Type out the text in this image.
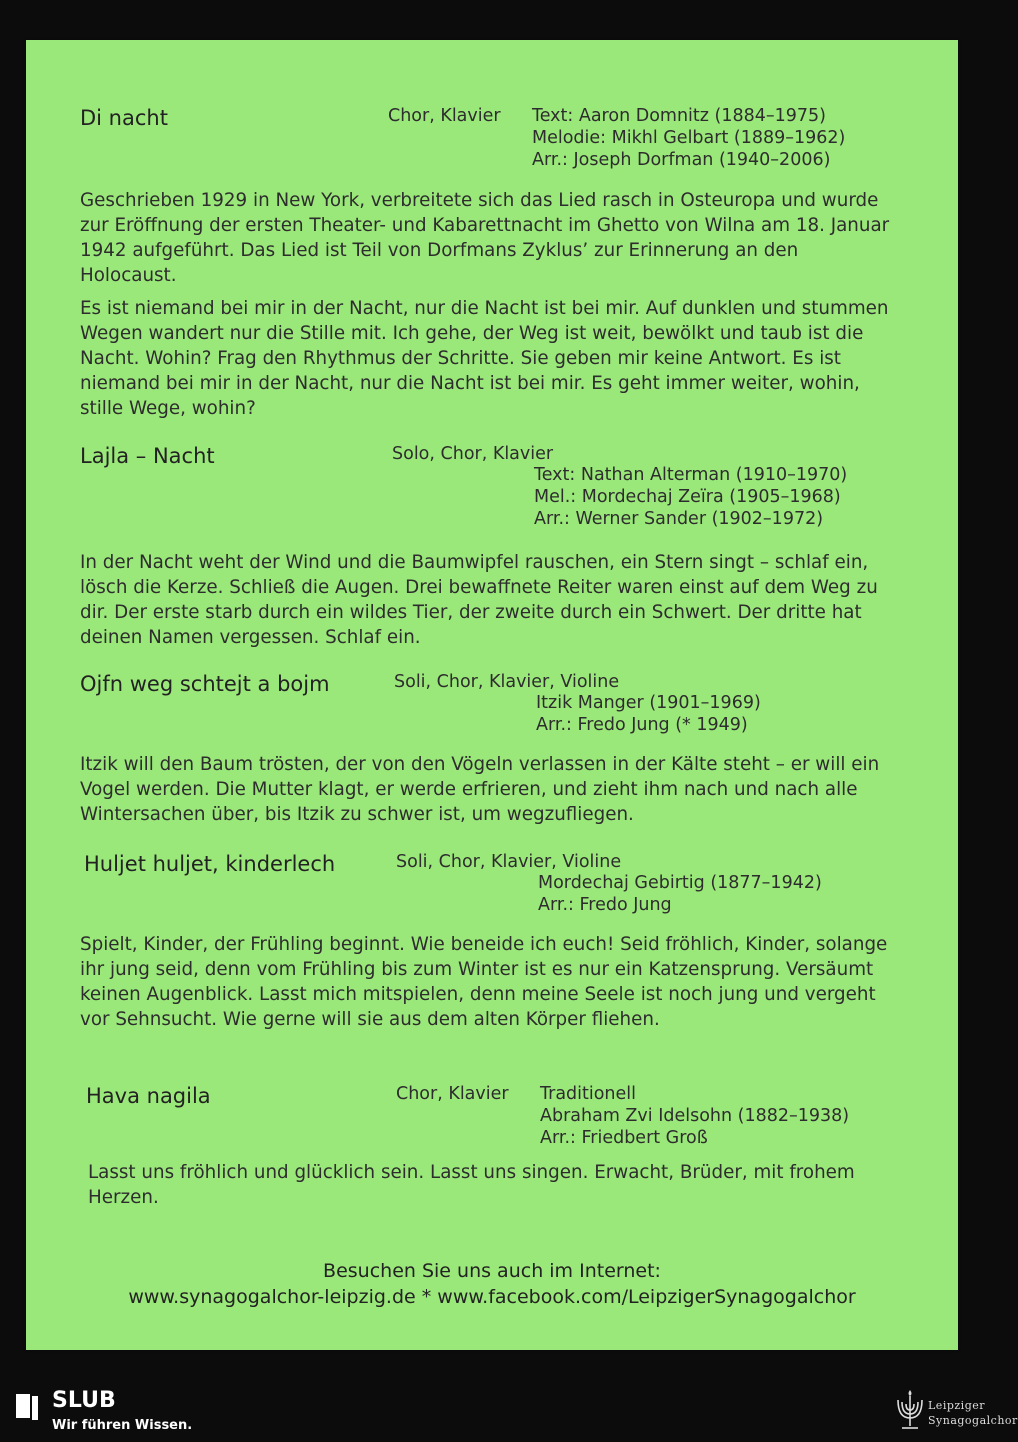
Di nacht	Chor, Klavier Text: Aaron Domnitz (1884–1975)
Melodie: Mikhl Gelbart (1889–1962)
Arr.: Joseph Dorfman (1940–2006)

Geschrieben 1929 in New York, verbreitete sich das Lied rasch in Osteuropa und wurde zur Eröffnung der ersten Theater- und Kabarettnacht im Ghetto von Wilna am 18. Januar 1942 aufgeführt. Das Lied ist Teil von Dorfmans Zyklus’ zur Erinnerung an den Holocaust.

Es ist niemand bei mir in der Nacht, nur die Nacht ist bei mir. Auf dunklen und stummen Wegen wandert nur die Stille mit. Ich gehe, der Weg ist weit, bewölkt und taub ist die Nacht. Wohin? Frag den Rhythmus der Schritte. Sie geben mir keine Antwort. Es ist niemand bei mir in der Nacht, nur die Nacht ist bei mir. Es geht immer weiter, wohin, stille Wege, wohin?

Lajla – Nacht	Solo, Chor, Klavier
Text: Nathan Alterman (1910–1970)
Mel.: Mordechaj Zeïra (1905–1968)
Arr.: Werner Sander (1902–1972)

In der Nacht weht der Wind und die Baumwipfel rauschen, ein Stern singt – schlaf ein, lösch die Kerze. Schließ die Augen. Drei bewaffnete Reiter waren einst auf dem Weg zu dir. Der erste starb durch ein wildes Tier, der zweite durch ein Schwert. Der dritte hat deinen Namen vergessen. Schlaf ein.

Ojfn weg schtejt a bojm	Soli, Chor, Klavier, Violine
Itzik Manger (1901–1969)
Arr.: Fredo Jung (* 1949)

Itzik will den Baum trösten, der von den Vögeln verlassen in der Kälte steht – er will ein Vogel werden. Die Mutter klagt, er werde erfrieren, und zieht ihm nach und nach alle Wintersachen über, bis Itzik zu schwer ist, um wegzufliegen.

Huljet huljet, kinderlech	Soli, Chor, Klavier, Violine
Mordechaj Gebirtig (1877–1942)
Arr.: Fredo Jung

Spielt, Kinder, der Frühling beginnt. Wie beneide ich euch! Seid fröhlich, Kinder, solange ihr jung seid, denn vom Frühling bis zum Winter ist es nur ein Katzensprung. Versäumt keinen Augenblick. Lasst mich mitspielen, denn meine Seele ist noch jung und vergeht vor Sehnsucht. Wie gerne will sie aus dem alten Körper fliehen.

Hava nagila	Chor, Klavier Traditionell
Abraham Zvi Idelsohn (1882–1938)
Arr.: Friedbert Groß

Lasst uns fröhlich und glücklich sein. Lasst uns singen. Erwacht, Brüder, mit frohem Herzen.

Besuchen Sie uns auch im Internet:
www.synagogalchor-leipzig.de * www.facebook.com/LeipzigerSynagogalchor
SLUB
Wir führen Wissen.
Leipziger
Synagogalchor
